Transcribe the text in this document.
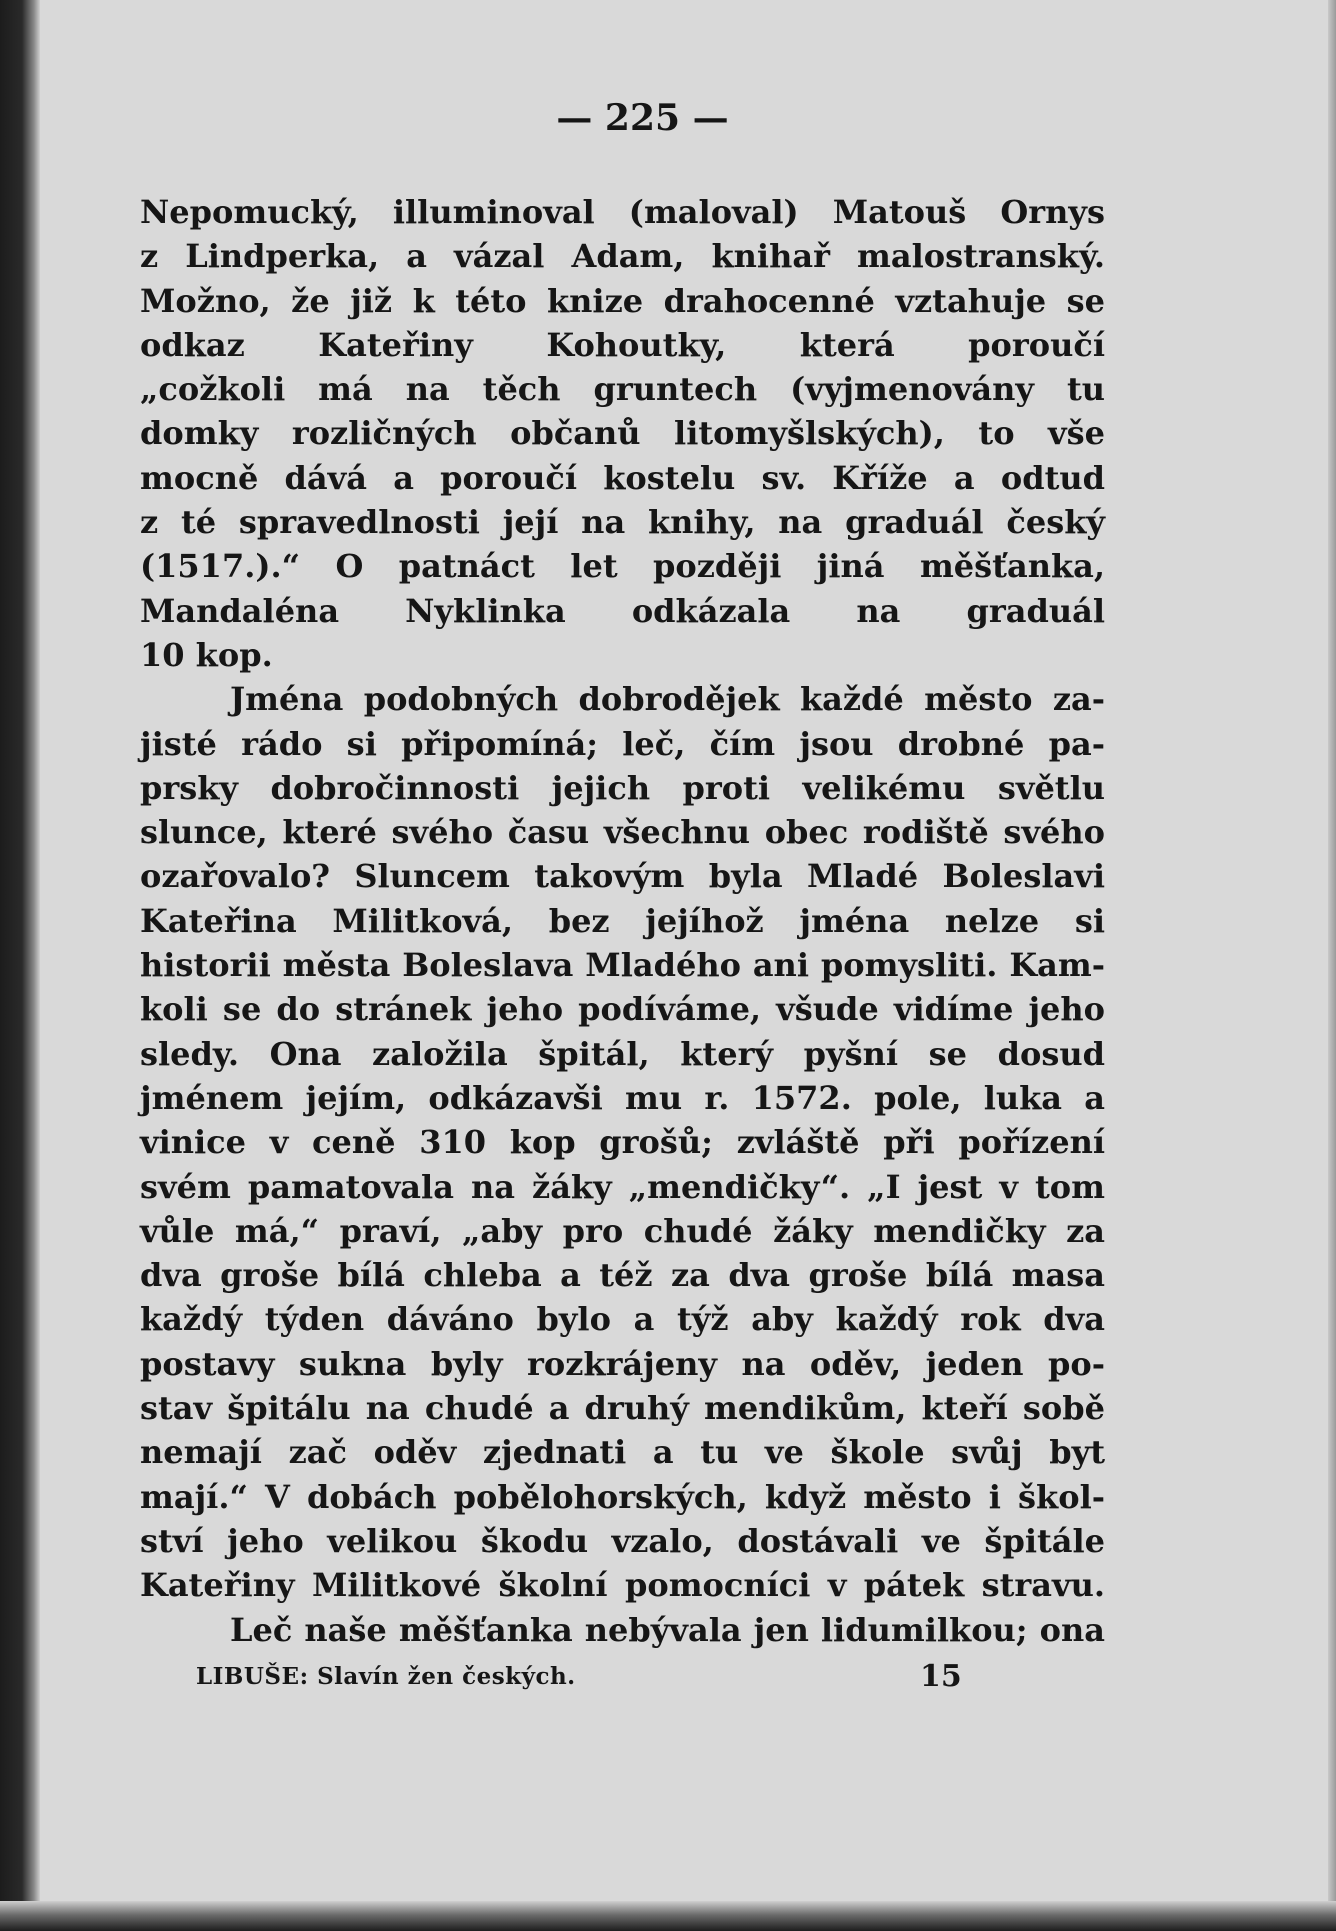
— 225 —
Nepomucký, illuminoval (maloval) Matouš Ornys
z Lindperka, a vázal Adam, knihař malostranský.
Možno, že již k této knize drahocenné vztahuje se
odkaz Kateřiny Kohoutky, která poroučí
„cožkoli má na těch gruntech (vyjmenovány tu
domky rozličných občanů litomyšlských), to vše
mocně dává a poroučí kostelu sv. Kříže a odtud
z té spravedlnosti její na knihy, na graduál český
(1517.).“ O patnáct let později jiná měšťanka,
Mandaléna Nyklinka odkázala na graduál
10 kop.
Jména podobných dobrodějek každé město za-
jisté rádo si připomíná; leč, čím jsou drobné pa-
prsky dobročinnosti jejich proti velikému světlu
slunce, které svého času všechnu obec rodiště svého
ozařovalo? Sluncem takovým byla Mladé Boleslavi
Kateřina Militková, bez jejíhož jména nelze si
historii města Boleslava Mladého ani pomysliti. Kam-
koli se do stránek jeho podíváme, všude vidíme jeho
sledy. Ona založila špitál, který pyšní se dosud
jménem jejím, odkázavši mu r. 1572. pole, luka a
vinice v ceně 310 kop grošů; zvláště při pořízení
svém pamatovala na žáky „mendičky“. „I jest v tom
vůle má,“ praví, „aby pro chudé žáky mendičky za
dva groše bílá chleba a též za dva groše bílá masa
každý týden dáváno bylo a týž aby každý rok dva
postavy sukna byly rozkrájeny na oděv, jeden po-
stav špitálu na chudé a druhý mendikům, kteří sobě
nemají zač oděv zjednati a tu ve škole svůj byt
mají.“ V dobách pobělohorských, když město i škol-
ství jeho velikou škodu vzalo, dostávali ve špitále
Kateřiny Militkové školní pomocníci v pátek stravu.
Leč naše měšťanka nebývala jen lidumilkou; ona
LIBUŠE: Slavín žen českých.	15
